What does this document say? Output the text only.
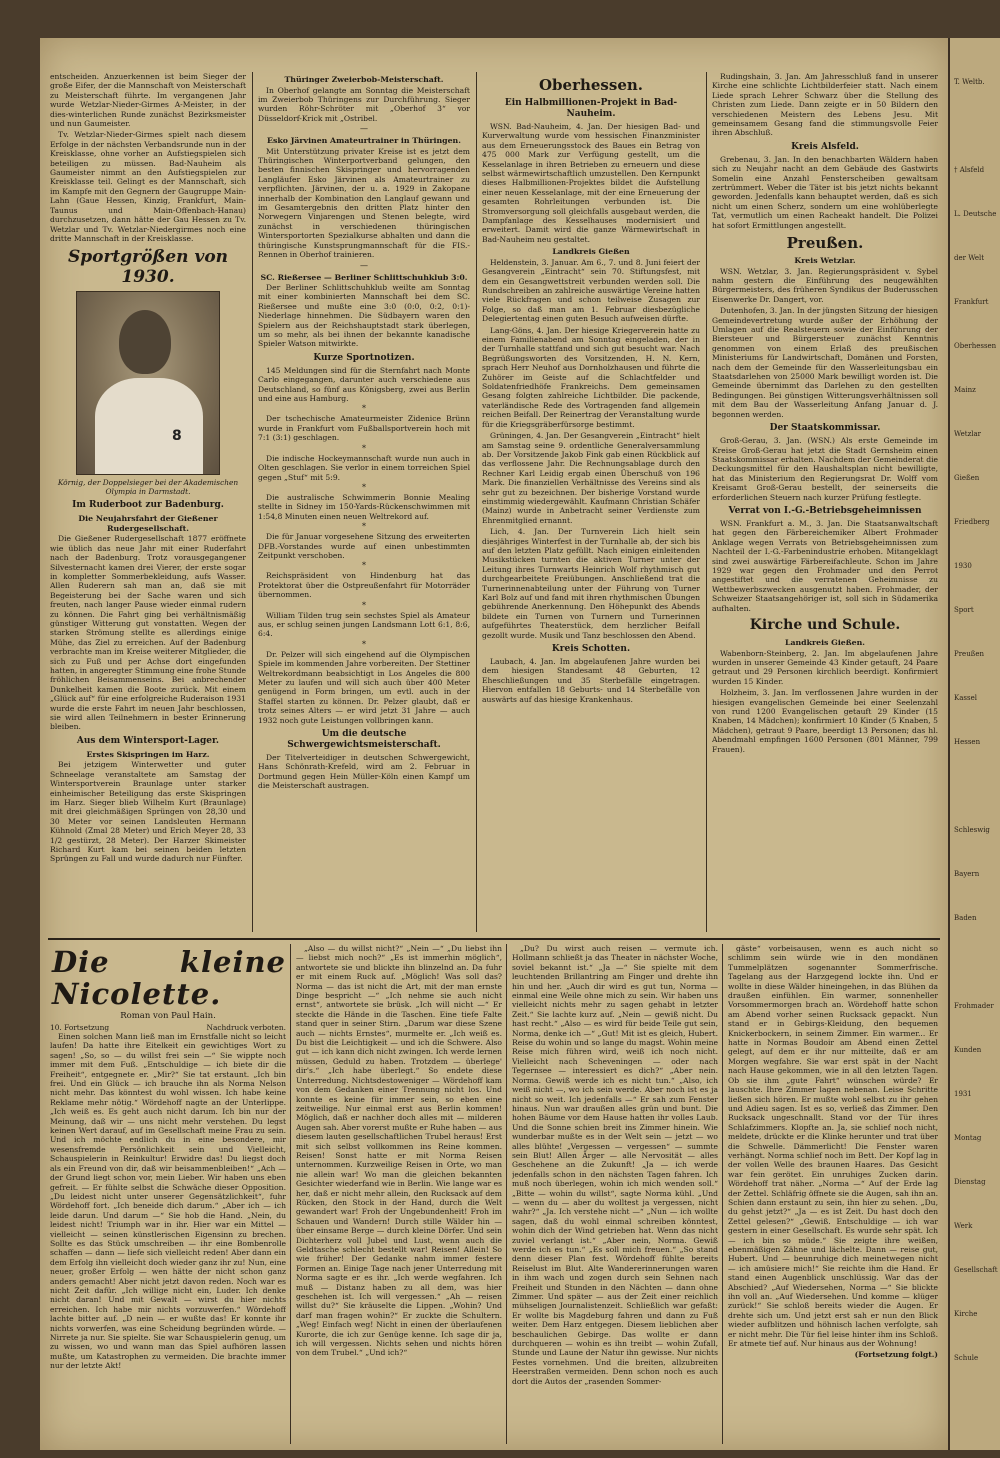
entscheiden. Anzuerkennen ist beim Sieger der große Eifer, der die Mannschaft von Meisterschaft zu Meisterschaft führte. Im vergangenen Jahr wurde Wetzlar-Nieder-Girmes A-Meister, in der dies-winterlichen Runde zunächst Bezirksmeister und nun Gaumeister.

Tv. Wetzlar-Nieder-Girmes spielt nach diesem Erfolge in der nächsten Verbandsrunde nun in der Kreisklasse, ohne vorher an Aufstiegspielen sich beteiligen zu müssen. Bad-Nauheim als Gaumeister nimmt an den Aufstiegspielen zur Kreisklasse teil. Gelingt es der Mannschaft, sich im Kampfe mit den Gegnern der Gaugruppe Main-Lahn (Gaue Hessen, Kinzig, Frankfurt, Main-Taunus und Main-Offenbach-Hanau) durchzusetzen, dann hätte der Gau Hessen zu Tv. Wetzlar und Tv. Wetzlar-Niedergirmes noch eine dritte Mannschaft in der Kreisklasse.

Sportgrößen von 1930.
8
Körnig, der Doppelsieger bei der Akademischen Olympia in Darmstadt.
Im Ruderboot zur Badenburg.
Die Neujahrsfahrt der Gießener Rudergesellschaft.

Die Gießener Rudergesellschaft 1877 eröffnete wie üblich das neue Jahr mit einer Ruderfahrt nach der Badenburg. Trotz vorausgegangener Silvesternacht kamen drei Vierer, der erste sogar in kompletter Sommerbekleidung, aufs Wasser. Allen Ruderern sah man an, daß sie mit Begeisterung bei der Sache waren und sich freuten, nach langer Pause wieder einmal rudern zu können. Die Fahrt ging bei verhältnismäßig günstiger Witterung gut vonstatten. Wegen der starken Strömung stellte es allerdings einige Mühe, das Ziel zu erreichen. Auf der Badenburg verbrachte man im Kreise weiterer Mitglieder, die sich zu Fuß und per Achse dort eingefunden hatten, in angeregter Stimmung eine frohe Stunde fröhlichen Beisammenseins. Bei anbrechender Dunkelheit kamen die Boote zurück. Mit einem „Glück auf“ für eine erfolgreiche Ruderaison 1931 wurde die erste Fahrt im neuen Jahr beschlossen, sie wird allen Teilnehmern in bester Erinnerung bleiben.

Aus dem Wintersport-Lager.
Erstes Skispringen im Harz.

Bei jetzigem Winterwetter und guter Schneelage veranstaltete am Samstag der Wintersportverein Braunlage unter starker einheimischer Beteiligung das erste Skispringen im Harz. Sieger blieb Wilhelm Kurt (Braunlage) mit drei gleichmäßigen Sprüngen von 28,30 und 30 Meter vor seinen Landsleuten Hermann Kühnold (Zmal 28 Meter) und Erich Meyer 28, 33 1/2 gestürzt, 28 Meter). Der Harzer Skimeister Richard Kurt kam bei seinen beiden letzten Sprüngen zu Fall und wurde dadurch nur Fünfter.

Thüringer Zweierbob-Meisterschaft.

In Oberhof gelangte am Sonntag die Meisterschaft im Zweierbob Thüringens zur Durchführung. Sieger wurden Röhr-Schröter mit „Oberhof 3“ vor Düsseldorf-Krick mit „Ostribel.

—
Esko Järvinen Amateurtrainer in Thüringen.

Mit Unterstützung privater Kreise ist es jetzt dem Thüringischen Winterportverband gelungen, den besten finnischen Skispringer und hervorragenden Langläufer Esko Järvinen als Amateurtrainer zu verpflichten. Järvinen, der u. a. 1929 in Zakopane innerhalb der Kombination den Langlauf gewann und im Gesamtergebnis den dritten Platz hinter den Norwegern Vinjarengen und Stenen belegte, wird zunächst in verschiedenen thüringischen Wintersportorten Spezialkurse abhalten und dann die thüringische Kunstsprungmannschaft für die FIS.-Rennen in Oberhof trainieren.

—
SC. Rießersee — Berliner Schlittschuhklub 3:0.

Der Berliner Schlittschuhklub weilte am Sonntag mit einer kombinierten Mannschaft bei dem SC. Rießersee und mußte eine 3:0 (0:0, 0:2, 0:1)-Niederlage hinnehmen. Die Südbayern waren den Spielern aus der Reichshauptstadt stark überlegen, um so mehr, als bei ihnen der bekannte kanadische Spieler Watson mitwirkte.

Kurze Sportnotizen.

145 Meldungen sind für die Sternfahrt nach Monte Carlo eingegangen, darunter auch verschiedene aus Deutschland, so fünf aus Königsberg, zwei aus Berlin und eine aus Hamburg.

*

Der tschechische Amateurmeister Zidenice Brünn wurde in Frankfurt vom Fußballsportverein hoch mit 7:1 (3:1) geschlagen.

*

Die indische Hockeymannschaft wurde nun auch in Olten geschlagen. Sie verlor in einem torreichen Spiel gegen „Stuf“ mit 5:9.

*

Die australische Schwimmerin Bonnie Mealing stellte in Sidney im 150-Yards-Rückenschwimmen mit 1:54,8 Minuten einen neuen Weltrekord auf.

*

Die für Januar vorgesehene Sitzung des erweiterten DFB.-Vorstandes wurde auf einen unbestimmten Zeitpunkt verschoben.

*

Reichspräsident von Hindenburg hat das Protektorat über die Ostpreußenfahrt für Motorräder übernommen.

*

William Tilden trug sein sechstes Spiel als Amateur aus, er schlug seinen jungen Landsmann Lott 6:1, 8:6, 6:4.

*

Dr. Pelzer will sich eingehend auf die Olympischen Spiele im kommenden Jahre vorbereiten. Der Stettiner Weltrekordmann beabsichtigt in Los Angeles die 800 Meter zu laufen und will sich auch über 400 Meter genügend in Form bringen, um evtl. auch in der Staffel starten zu können. Dr. Pelzer glaubt, daß er trotz seines Alters — er wird jetzt 31 Jahre — auch 1932 noch gute Leistungen vollbringen kann.

Um die deutsche Schwergewichtsmeisterschaft.

Der Titelverteidiger in deutschen Schwergewicht, Hans Schönrath-Krefeld, wird am 2. Februar in Dortmund gegen Hein Müller-Köln einen Kampf um die Meisterschaft austragen.

Oberhessen.
Ein Halbmillionen-Projekt in Bad-Nauheim.

WSN. Bad-Nauheim, 4. Jan. Der hiesigen Bad- und Kurverwaltung wurde vom hessischen Finanzminister aus dem Erneuerungsstock des Baues ein Betrag von 475 000 Mark zur Verfügung gestellt, um die Kesselanlage in ihren Betrieben zu erneuern und diese selbst wärmewirtschaftlich umzustellen. Den Kernpunkt dieses Halbmillionen-Projektes bildet die Aufstellung einer neuen Kesselanlage, mit der eine Erneuerung der gesamten Rohrleitungen verbunden ist. Die Stromversorgung soll gleichfalls ausgebaut werden, die Dampfanlage des Kesselhauses modernisiert und erweitert. Damit wird die ganze Wärmewirtschaft in Bad-Nauheim neu gestaltet.

Landkreis Gießen

Heldenstein, 3. Januar. Am 6., 7. und 8. Juni feiert der Gesangverein „Eintracht“ sein 70. Stiftungsfest, mit dem ein Gesangwettstreit verbunden werden soll. Die Rundschreiben an zahlreiche auswärtige Vereine hatten viele Rückfragen und schon teilweise Zusagen zur Folge, so daß man am 1. Februar diesbezügliche Delegiertentag einen guten Besuch aufweisen dürfte.

Lang-Göns, 4. Jan. Der hiesige Kriegerverein hatte zu einem Familienabend am Sonntag eingeladen, der in der Turnhalle stattfand und sich gut besucht war. Nach Begrüßungsworten des Vorsitzenden, H. N. Kern, sprach Herr Neuhof aus Dornholzhausen und führte die Zuhörer im Geiste auf die Schlachtfelder und Soldatenfriedhöfe Frankreichs. Dem gemeinsamen Gesang folgten zahlreiche Lichtbilder. Die packende, vaterländische Rede des Vortragenden fand allgemein reichen Beifall. Der Reinertrag der Veranstaltung wurde für die Kriegsgräberfürsorge bestimmt.

Grüningen, 4. Jan. Der Gesangverein „Eintracht“ hielt am Samstag seine 9. ordentliche Generalversammlung ab. Der Vorsitzende Jakob Fink gab einen Rückblick auf das verflossene Jahr. Die Rechnungsablage durch den Rechner Karl Leidig ergab einen Überschuß von 196 Mark. Die finanziellen Verhältnisse des Vereins sind als sehr gut zu bezeichnen. Der bisherige Vorstand wurde einstimmig wiedergewählt. Kaufmann Christian Schäfer (Mainz) wurde in Anbetracht seiner Verdienste zum Ehrenmitglied ernannt.

Lich, 4. Jan. Der Turnverein Lich hielt sein diesjähriges Winterfest in der Turnhalle ab, der sich bis auf den letzten Platz gefüllt. Nach einigen einleitenden Musikstücken turnten die aktiven Turner unter der Leitung ihres Turnwarts Heinrich Wolf rhythmisch gut durchgearbeitete Freiübungen. Anschließend trat die Turnerinnenabteilung unter der Führung von Turner Karl Bolz auf und fand mit ihren rhythmischen Übungen gebührende Anerkennung. Den Höhepunkt des Abends bildete ein Turnen von Turnern und Turnerinnen aufgeführtes Theaterstück, dem herzlicher Beifall gezollt wurde. Musik und Tanz beschlossen den Abend.

Kreis Schotten.

Laubach, 4. Jan. Im abgelaufenen Jahre wurden bei dem hiesigen Standesamt 48 Geburten, 12 Eheschließungen und 35 Sterbefälle eingetragen. Hiervon entfallen 18 Geburts- und 14 Sterbefälle von auswärts auf das hiesige Krankenhaus.

Rudingshain, 3. Jan. Am Jahresschluß fand in unserer Kirche eine schlichte Lichtbilderfeier statt. Nach einem Liede sprach Lehrer Schwarz über die Stellung des Christen zum Liede. Dann zeigte er in 50 Bildern den verschiedenen Meistern des Lebens Jesu. Mit gemeinsamem Gesang fand die stimmungsvolle Feier ihren Abschluß.

Kreis Alsfeld.

Grebenau, 3. Jan. In den benachbarten Wäldern haben sich zu Neujahr nacht an dem Gebäude des Gastwirts Somelin eine Anzahl Fensterscheiben gewaltsam zertrümmert. Weber die Täter ist bis jetzt nichts bekannt geworden. Jedenfalls kann behauptet werden, daß es sich nicht um einen Scherz, sondern um eine wohlüberlegte Tat, vermutlich um einen Racheakt handelt. Die Polizei hat sofort Ermittlungen angestellt.

Preußen.
Kreis Wetzlar.

WSN. Wetzlar, 3. Jan. Regierungspräsident v. Sybel nahm gestern die Einführung des neugewählten Bürgermeisters, des früheren Syndikus der Buderusschen Eisenwerke Dr. Dangert, vor.

Dutenhofen, 3. Jan. In der jüngsten Sitzung der hiesigen Gemeindevertretung wurde außer der Erhöhung der Umlagen auf die Realsteuern sowie der Einführung der Biersteuer und Bürgersteuer zunächst Kenntnis genommen von einem Erlaß des preußischen Ministeriums für Landwirtschaft, Domänen und Forsten, nach dem der Gemeinde für den Wasserleitungsbau ein Staatsdarlehen von 25000 Mark bewilligt worden ist. Die Gemeinde übernimmt das Darlehen zu den gestellten Bedingungen. Bei günstigen Witterungsverhältnissen soll mit dem Bau der Wasserleitung Anfang Januar d. J. begonnen werden.

Der Staatskommissar.

Groß-Gerau, 3. Jan. (WSN.) Als erste Gemeinde im Kreise Groß-Gerau hat jetzt die Stadt Gernsheim einen Staatskommissar erhalten. Nachdem der Gemeinderat die Deckungsmittel für den Haushaltsplan nicht bewilligte, hat das Ministerium den Regierungsrat Dr. Wolff vom Kreisamt Groß-Gerau bestellt, der seinerseits die erforderlichen Steuern nach kurzer Prüfung festlegte.

Verrat von I.-G.-Betriebsgeheimnissen

WSN. Frankfurt a. M., 3. Jan. Die Staatsanwaltschaft hat gegen den Färbereichemiker Albert Frohmader Anklage wegen Verrats von Betriebsgeheimnissen zum Nachteil der I.-G.-Farbenindustrie erhoben. Mitangeklagt sind zwei auswärtige Färbereifachleute. Schon im Jahre 1929 war gegen den Frohmader und den Perrot angestiftet und die verratenen Geheimnisse zu Wettbewerbszwecken ausgenutzt haben. Frohmader, der Schweizer Staatsangehöriger ist, soll sich in Südamerika aufhalten.

Kirche und Schule.
Landkreis Gießen.

Wabenborn-Steinberg, 2. Jan. Im abgelaufenen Jahre wurden in unserer Gemeinde 43 Kinder getauft, 24 Paare getraut und 29 Personen kirchlich beerdigt. Konfirmiert wurden 15 Kinder.

Holzheim, 3. Jan. Im verflossenen Jahre wurden in der hiesigen evangelischen Gemeinde bei einer Seelenzahl von rund 1200 Evangelischen getauft 29 Kinder (15 Knaben, 14 Mädchen); konfirmiert 10 Kinder (5 Knaben, 5 Mädchen), getraut 9 Paare, beerdigt 13 Personen; das hl. Abendmahl empfingen 1600 Personen (801 Männer, 799 Frauen).

Die kleine Nicolette.
Roman von Paul Hain.
10. Fortsetzung	Nachdruck verboten.

Einen solchen Mann ließ man im Ernstfalle nicht so leicht laufen! Da hatte ihre Eitelkeit ein gewichtiges Wort zu sagen! „So, so — du willst frei sein —“ Sie wippte noch immer mit dem Fuß. „Entschuldige — ich biete dir die Freiheit“, entgegnete er. „Mir?“ Sie tat erstaunt. „Ich bin frei. Und ein Glück — ich brauche ihn als Norma Nelson nicht mehr. Das könntest du wohl wissen. Ich habe keine Reklame mehr nötig.“ Wördehoff nagte an der Unterlippe. „Ich weiß es. Es geht auch nicht darum. Ich bin nur der Meinung, daß wir — uns nicht mehr verstehen. Du legst keinen Wert darauf, auf im Gesellschaft meine Frau zu sein. Und ich möchte endlich du in eine besondere, mir wesensfremde Persönlichkeit sein und Vielleicht, Schauspielerin in Reinkultur! Erwidre das! Du liegst doch als ein Freund von dir, daß wir beisammenbleiben!“ „Ach — der Grund liegt schon vor, mein Lieber. Wir haben uns eben gefreit. — Er fühlte selbst die Schwäche dieser Opposition. „Du leidest nicht unter unserer Gegensätzlichkeit“, fuhr Wördehoff fort. „Ich beneide dich darum.“ „Aber ich — ich leide darun. Und darum —“ Sie hob die Hand. „Nein, du leidest nicht! Triumph war in ihr. Hier war ein Mittel — vielleicht — seinen künstlerischen Eigensinn zu brechen. Sollte es das Stück umschreiben — ihr eine Bombenrolle schaffen — dann — liefe sich vielleicht reden! Aber dann ein dem Erfolg ihn vielleicht doch wieder ganz ihr zu! Nun, eine neuer, großer Erfolg — wen hätte der nicht schon ganz anders gemacht! Aber nicht jetzt davon reden. Noch war es nicht Zeit dafür. „Ich willige nicht ein, Luder. Ich denke nicht daran! Und mit Gewalt — wirst du hier nichts erreichen. Ich habe mir nichts vorzuwerfen.“ Wördehoff lachte bitter auf. „D nein — er wußte das! Er konnte ihr nichts vorwerfen, was eine Scheidung begründen würde. — Nirrete ja nur. Sie spielte. Sie war Schauspielerin genug, um zu wissen, wo und wann man das Spiel aufhören lassen mußte, um Katastrophen zu vermeiden. Die brachte immer nur der letzte Akt!

„Also — du willst nicht?“ „Nein —“ „Du liebst ihn — liebst mich noch?“ „Es ist immerhin möglich“, antwortete sie und blickte ihn blinzelnd an. Da fuhr er mit einem Ruck auf. „Möglich! Was soll das? Norma — das ist nicht die Art, mit der man ernste Dinge bespricht —“ „Ich nehme sie auch nicht ernst“, antwortete sie brüsk. „Ich will nicht —“ Er steckte die Hände in die Taschen. Eine tiefe Falte stand quer in seiner Stirn. „Darum war diese Szene auch — nichts Ernstes“, murmelte er. „Ich weiß es. Du bist die Leichtigkeit — und ich die Schwere. Also gut — ich kann dich nicht zwingen. Ich werde lernen müssen, Geduld zu haben. Trotzdem — überlege' dir's.“ „Ich habe überlegt.“ So endete diese Unterredung. Nichtsdestoweniger — Wördehoff kam von dem Gedanken einer Trennung nicht los. Und konnte es keine für immer sein, so eben eine zeitweilige. Nur einmal erst aus Berlin kommen! Möglich, daß er nachher doch alles mit — milderen Augen sah. Aber vorerst mußte er Ruhe haben — aus diesem lauten gesellschaftlichen Trubel heraus! Erst mit sich selbst vollkommen ins Reine kommen. Reisen! Sonst hatte er mit Norma Reisen unternommen. Kurzweilige Reisen in Orte, wo man nie allein war! Wo man die gleichen bekannten Gesichter wiederfand wie in Berlin. Wie lange war es her, daß er nicht mehr allein, den Rucksack auf dem Rücken, den Stock in der Hand, durch die Welt gewandert war! Froh der Ungebundenheit! Froh im Schauen und Wandern! Durch stille Wälder hin — über einsame Berge — durch kleine Dörfer. Und sein Dichterherz voll Jubel und Lust, wenn auch die Geldtasche schlecht bestellt war! Reisen! Allein! So wie früher! Der Gedanke nahm immer festere Formen an. Einige Tage nach jener Unterredung mit Norma sagte er es ihr. „Ich werde wegfahren. Ich muß — Distanz haben zu all dem, was hier geschehen ist. Ich will vergessen.“ „Ah — reisen willst du?“ Sie kräuselte die Lippen. „Wohin? Und darf man fragen wohin?“ Er zuckte die Schultern. „Weg! Einfach weg! Nicht in einen der überlaufenen Kurorte, die ich zur Genüge kenne. Ich sage dir ja, ich will vergessen. Nichts sehen und nichts hören von dem Trubel.“ „Und ich?“

„Du? Du wirst auch reisen — vermute ich. Hollmann schließt ja das Theater in nächster Woche, soviel bekannt ist.“ „Ja —“ Sie spielte mit dem leuchtenden Brillantring am Finger und drehte ihn hin und her. „Auch dir wird es gut tun, Norma — einmal eine Weile ohne mich zu sein. Wir haben uns vielleicht nichts mehr zu sagen gehabt in letzter Zeit.“ Sie lachte kurz auf. „Nein — gewiß nicht. Du hast recht.“ „Also — es wird für beide Teile gut sein, Norma, denke ich —“ „Gut! Mit ist es gleich, Hubert. Reise du wohin und so lange du magst. Wohin meine Reise mich führen wird, weiß ich noch nicht. Vielleicht nach Scheveningen — oder nach Tegernsee — interessiert es dich?“ „Aber nein. Norma. Gewiß werde ich es nicht tun.“ „Also, ich weiß nicht —, wo ich sein werde. Aber noch ist es ja nicht so weit. Ich jedenfalls —“ Er sah zum Fenster hinaus. Nun war draußen alles grün und bunt. Die hohen Bäume vor dem Hause hatten ihr volles Laub. Und die Sonne schien breit ins Zimmer hinein. Wie wunderbar mußte es in der Welt sein — jetzt — wo alles blühte! „Vergessen — vergessen“ — summte sein Blut! Allen Ärger — alle Nervosität — alles Geschehene an die Zukunft! „Ja — ich werde jedenfalls schon in den nächsten Tagen fahren. Ich muß noch überlegen, wohin ich mich wenden soll.“ „Bitte — wohin du willst“, sagte Norma kühl. „Und — wenn du — aber du wolltest ja vergessen, nicht wahr?“ „Ja. Ich verstehe nicht —“ „Nun — ich wollte sagen, daß du wohl einmal schreiben könntest, wohin dich der Wind getrieben hat. Wenn das nicht zuviel verlangt ist.“ „Aber nein, Norma. Gewiß werde ich es tun.“ „Es soll mich freuen.“ „So stand denn dieser Plan fest. Wördehoff fühlte bereits Reiselust im Blut. Alte Wandererinnerungen waren in ihm wach und zogen durch sein Sehnen nach Freiheit und Stunden in den Nächten — dann ohne Zimmer. Und später — aus der Zeit einer reichlich mühseligen Journalistenzeit. Schließlich war gefaßt: Er wollte bis Magdeburg fahren und dann zu Fuß weiter. Dem Harz entgegen. Diesem lieblichen aber beschaulichen Gebirge. Das wollte er dann durchqueren — wohin es ihn treibt — wohin Zufall, Stunde und Laune der Natur ihn gewisse. Nur nichts Festes vornehmen. Und die breiten, allzubreiten Heerstraßen vermeiden. Denn schon noch es auch dort die Autos der „rasenden Sommer-

gäste“ vorbeisausen, wenn es auch nicht so schlimm sein würde wie in den mondänen Tummelplätzen sogenannter Sommerfrische. Tagelang aus der Harzgegend lockte ihn. Und er wollte in diese Wälder hineingehen, in das Blühen da draußen einfühlen. Ein warmer, sonnenheller Vorsommermorgen brach an. Wördehoff hatte schon am Abend vorher seinen Rucksack gepackt. Nun stand er in Gebirgs-Kleidung, den bequemen Knickerbockern, in seinem Zimmer. Ein warmer... Er hatte in Normas Boudoir am Abend einen Zettel gelegt, auf dem er ihr nur mitteilte, daß er am Morgen wegfahre. Sie war erst spät in der Nacht nach Hause gekommen, wie in all den letzten Tagen. Ob sie ihm „gute Fahrt“ wünschen würde? Er lauschte. Ihre Zimmer lagen nebenan. Leise Schritte ließen sich hören. Er mußte wohl selbst zu ihr gehen und Adieu sagen. Ist es so, verließ das Zimmer. Den Rucksack ungeschnallt. Stand vor der Tür ihres Schlafzimmers. Klopfte an. Ja, sie schlief noch nicht, meldete, drückte er die Klinke herunter und trat über die Schwelle. Dämmerlicht! Die Fenster waren verhängt. Norma schlief noch im Bett. Der Kopf lag in der vollen Welle des braunen Haares. Das Gesicht war fein gerötet. Ein unruhiges Zucken darin. Wördehoff trat näher. „Norma —“ Auf der Erde lag der Zettel. Schläfrig öffnete sie die Augen, sah ihn an. Schien dann erstaunt zu sein, ihn hier zu sehen. „Du, du gehst jetzt?“ „Ja — es ist Zeit. Du hast doch den Zettel gelesen?“ „Gewiß. Entschuldige — ich war gestern in einer Gesellschaft. Es wurde sehr spät. Ich — ich bin so müde.“ Sie zeigte ihre weißen, ebenmäßigen Zähne und lächelte. Dann — reise gut, Hubert. Und — beunruhige dich meinetwegen nicht — ich amüsiere mich!“ Sie reichte ihm die Hand. Er stand einen Augenblick unschlüssig. War das der Abschied? „Auf Wiedersehen, Norma —“ Sie blickte ihn voll an. „Auf Wiedersehen. Und komme — klüger zurück!“ Sie schloß bereits wieder die Augen. Er drehte sich um. Und jetzt erst sah er nun den Blick wieder aufblitzen und höhnisch lachen verfolgte, sah er nicht mehr. Die Tür fiel leise hinter ihm ins Schloß. Er atmete tief auf. Nur hinaus aus der Wohnung!

(Fortsetzung folgt.)
T. Weltb.
† Alsfeld
L. Deutsche
der Welt
Frankfurt
Oberhessen
Mainz
Wetzlar
Gießen
Friedberg
1930
Sport
Preußen
Kassel
Hessen
Schleswig
Bayern
Baden
Frohmader
Kunden
1931
Montag
Dienstag
Werk
Gesellschaft
Kirche
Schule
